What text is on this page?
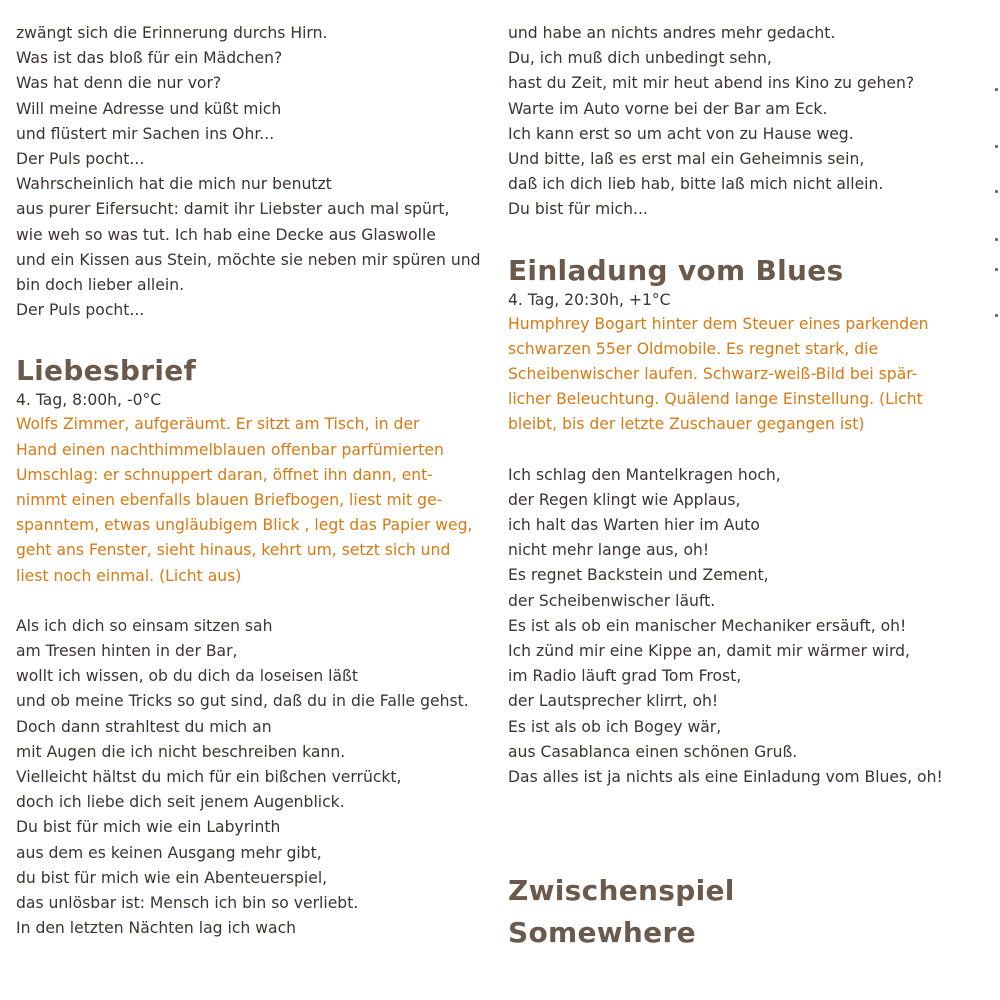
zwängt sich die Erinnerung durchs Hirn.

Was ist das bloß für ein Mädchen?

Was hat denn die nur vor?

Will meine Adresse und küßt mich

und flüstert mir Sachen ins Ohr...

Der Puls pocht...

Wahrscheinlich hat die mich nur benutzt

aus purer Eifersucht: damit ihr Liebster auch mal spürt,

wie weh so was tut. Ich hab eine Decke aus Glaswolle

und ein Kissen aus Stein, möchte sie neben mir spüren und

bin doch lieber allein.

Der Puls pocht...

Liebesbrief

4. Tag, 8:00h, -0°C

Wolfs Zimmer, aufgeräumt. Er sitzt am Tisch, in der

Hand einen nachthimmelblauen offenbar parfümierten

Umschlag: er schnuppert daran, öffnet ihn dann, ent-

nimmt einen ebenfalls blauen Briefbogen, liest mit ge-

spanntem, etwas ungläubigem Blick , legt das Papier weg,

geht ans Fenster, sieht hinaus, kehrt um, setzt sich und

liest noch einmal. (Licht aus)

Als ich dich so einsam sitzen sah

am Tresen hinten in der Bar,

wollt ich wissen, ob du dich da loseisen läßt

und ob meine Tricks so gut sind, daß du in die Falle gehst.

Doch dann strahltest du mich an

mit Augen die ich nicht beschreiben kann.

Vielleicht hältst du mich für ein bißchen verrückt,

doch ich liebe dich seit jenem Augenblick.

Du bist für mich wie ein Labyrinth

aus dem es keinen Ausgang mehr gibt,

du bist für mich wie ein Abenteuerspiel,

das unlösbar ist: Mensch ich bin so verliebt.

In den letzten Nächten lag ich wach

und habe an nichts andres mehr gedacht.

Du, ich muß dich unbedingt sehn,

hast du Zeit, mit mir heut abend ins Kino zu gehen?

Warte im Auto vorne bei der Bar am Eck.

Ich kann erst so um acht von zu Hause weg.

Und bitte, laß es erst mal ein Geheimnis sein,

daß ich dich lieb hab, bitte laß mich nicht allein.

Du bist für mich...

Einladung vom Blues

4. Tag, 20:30h, +1°C

Humphrey Bogart hinter dem Steuer eines parkenden

schwarzen 55er Oldmobile. Es regnet stark, die

Scheibenwischer laufen. Schwarz-weiß-Bild bei spär-

licher Beleuchtung. Quälend lange Einstellung. (Licht

bleibt, bis der letzte Zuschauer gegangen ist)

Ich schlag den Mantelkragen hoch,

der Regen klingt wie Applaus,

ich halt das Warten hier im Auto

nicht mehr lange aus, oh!

Es regnet Backstein und Zement,

der Scheibenwischer läuft.

Es ist als ob ein manischer Mechaniker ersäuft, oh!

Ich zünd mir eine Kippe an, damit mir wärmer wird,

im Radio läuft grad Tom Frost,

der Lautsprecher klirrt, oh!

Es ist als ob ich Bogey wär,

aus Casablanca einen schönen Gruß.

Das alles ist ja nichts als eine Einladung vom Blues, oh!

Zwischenspiel
Somewhere
